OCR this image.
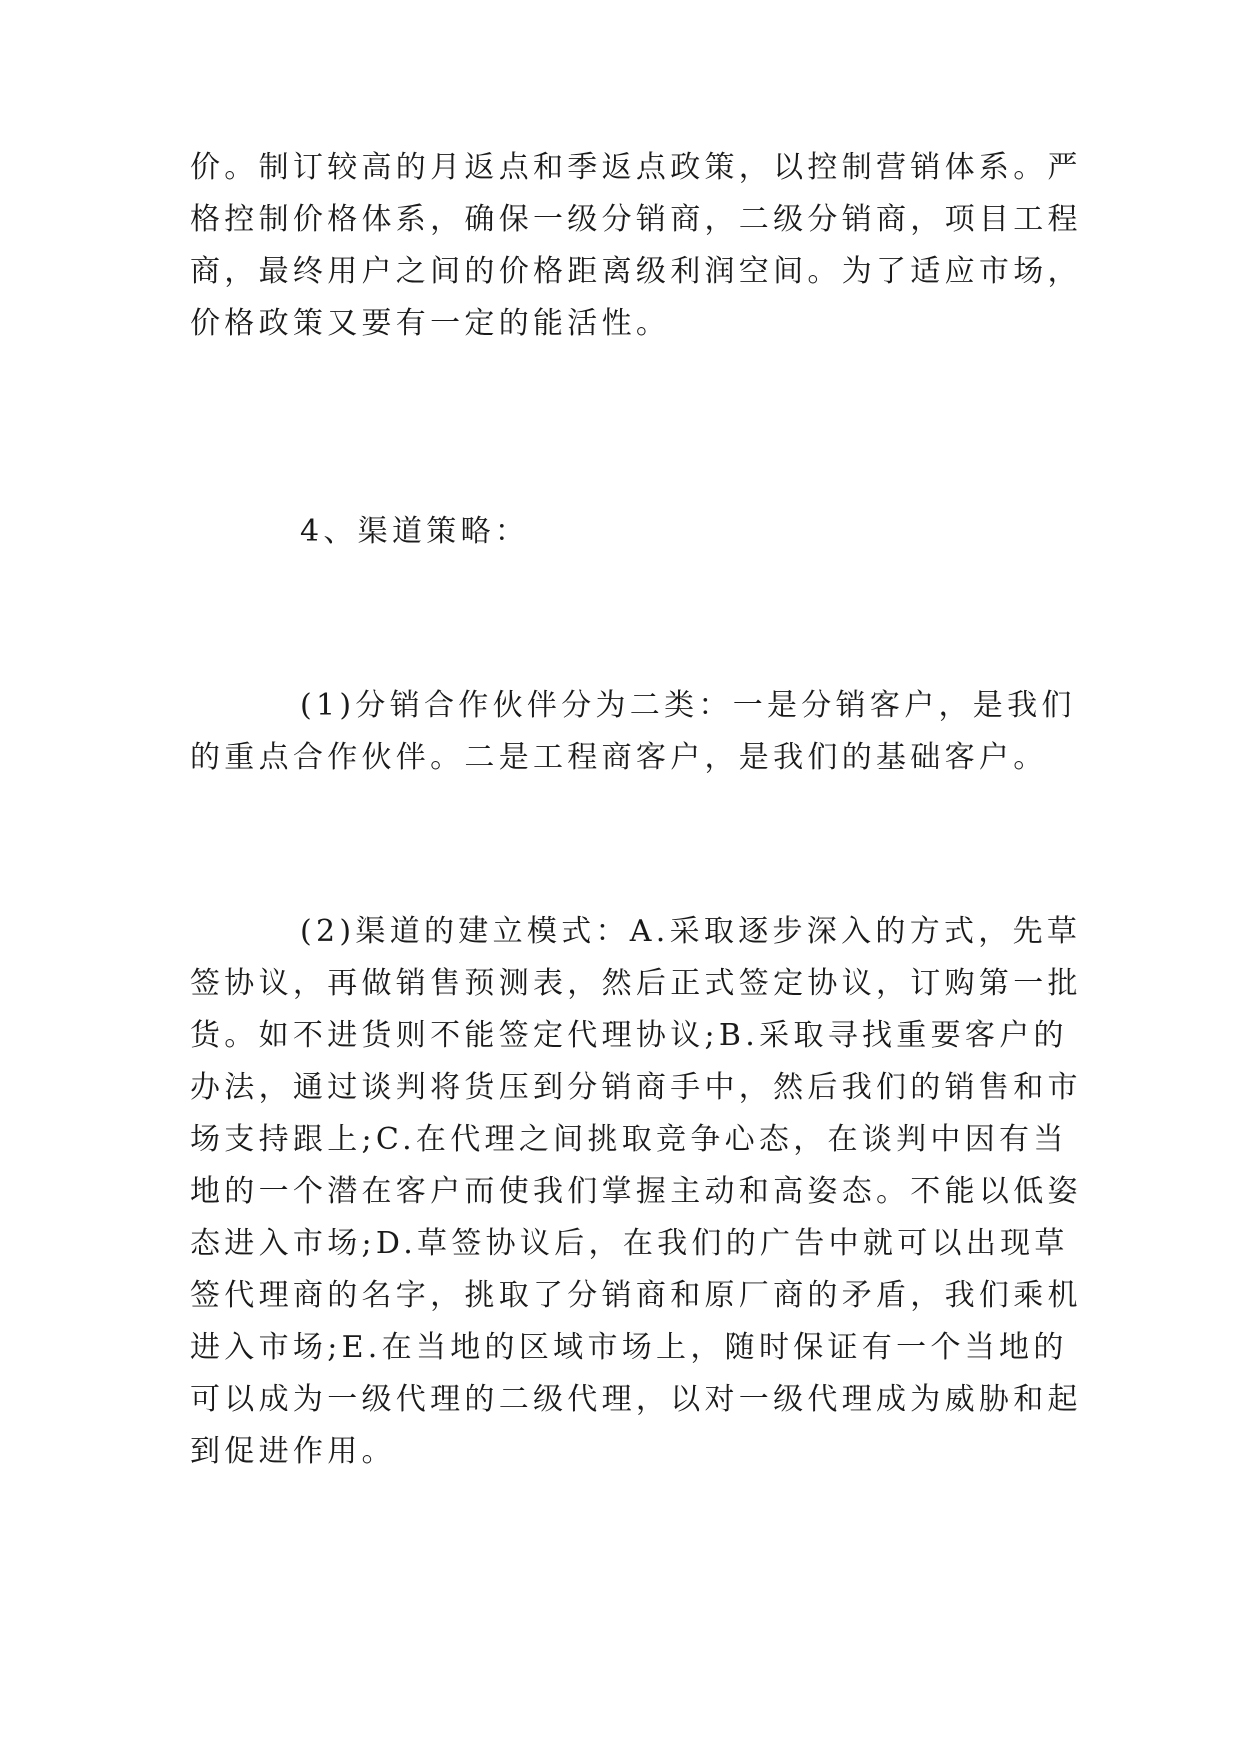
价。制订较高的月返点和季返点政策，以控制营销体系。严
格控制价格体系，确保一级分销商，二级分销商，项目工程
商，最终用户之间的价格距离级利润空间。为了适应市场，
价格政策又要有一定的能活性。
4、渠道策略：
(1)分销合作伙伴分为二类：一是分销客户，是我们
的重点合作伙伴。二是工程商客户，是我们的基础客户。
(2)渠道的建立模式：A.采取逐步深入的方式，先草
签协议，再做销售预测表，然后正式签定协议，订购第一批
货。如不进货则不能签定代理协议;B.采取寻找重要客户的
办法，通过谈判将货压到分销商手中，然后我们的销售和市
场支持跟上;C.在代理之间挑取竞争心态，在谈判中因有当
地的一个潜在客户而使我们掌握主动和高姿态。不能以低姿
态进入市场;D.草签协议后，在我们的广告中就可以出现草
签代理商的名字，挑取了分销商和原厂商的矛盾，我们乘机
进入市场;E.在当地的区域市场上，随时保证有一个当地的
可以成为一级代理的二级代理，以对一级代理成为威胁和起
到促进作用。
